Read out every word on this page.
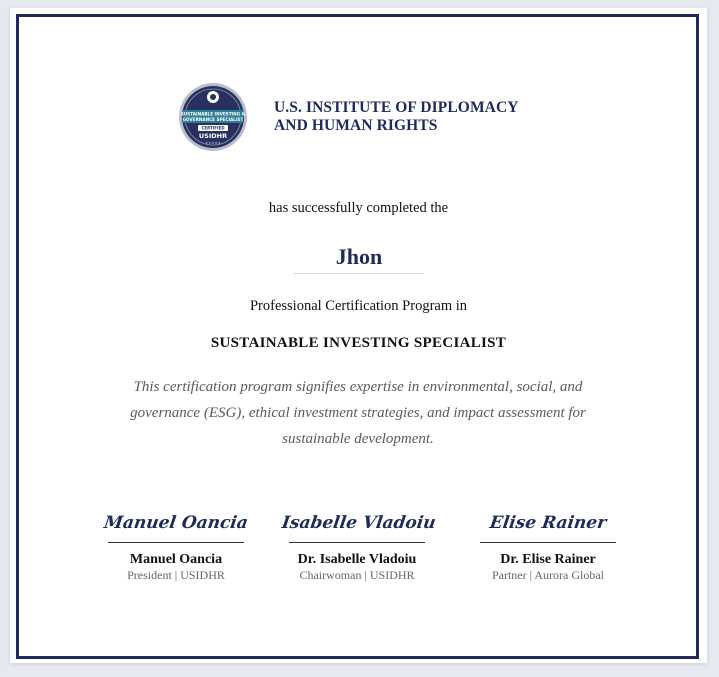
SUSTAINABLE INVESTING &
GOVERNANCE SPECIALIST
CERTIFIED
USIDHR
★★★★★
U.S. INSTITUTE OF DIPLOMACY
AND HUMAN RIGHTS
has successfully completed the
Jhon
Professional Certification Program in
SUSTAINABLE INVESTING SPECIALIST
This certification program signifies expertise in environmental, social, and governance (ESG), ethical investment strategies, and impact assessment for sustainable development.
Manuel Oancia
Manuel Oancia
President | USIDHR
Isabelle Vladoiu
Dr. Isabelle Vladoiu
Chairwoman | USIDHR
Elise Rainer
Dr. Elise Rainer
Partner | Aurora Global
